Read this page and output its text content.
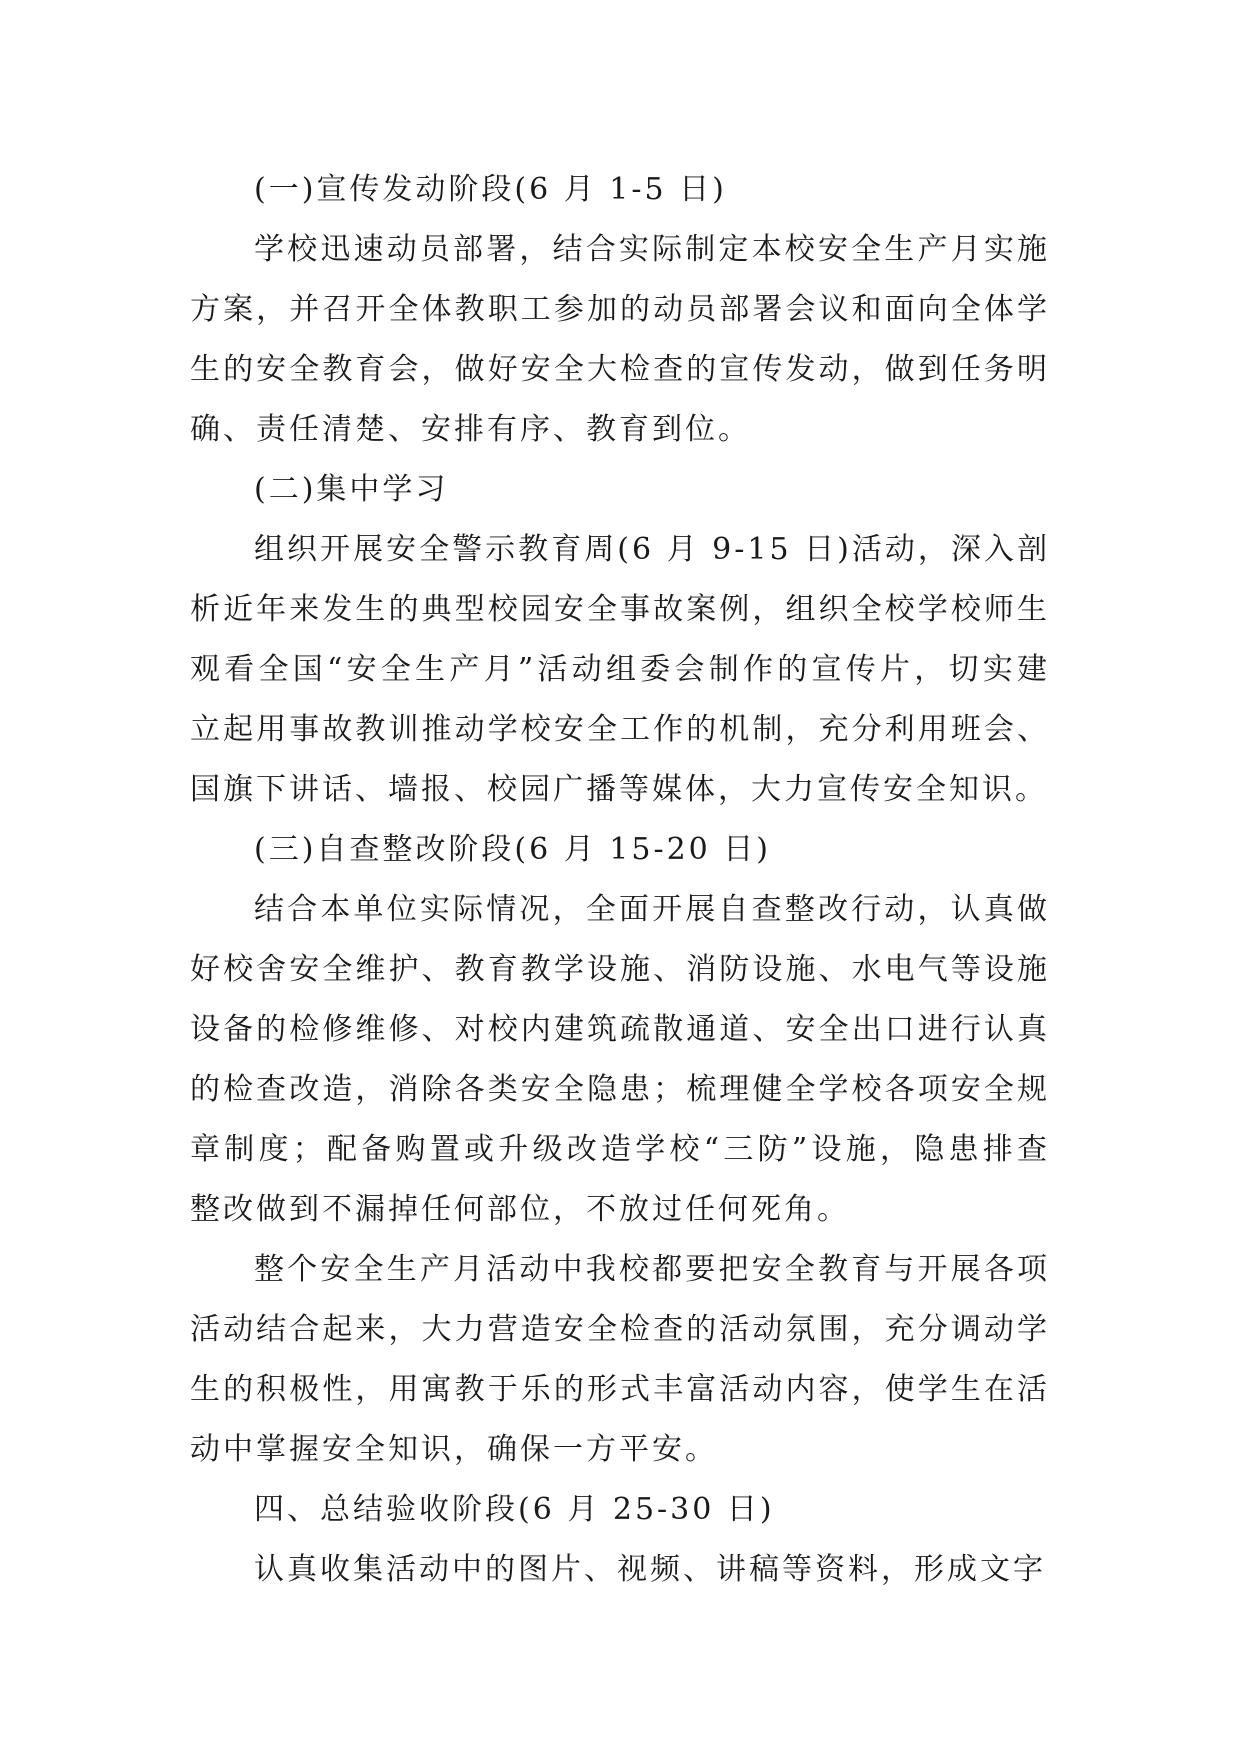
(一)宣传发动阶段(6 月 1-5 日)

学校迅速动员部署，结合实际制定本校安全生产月实施方案，并召开全体教职工参加的动员部署会议和面向全体学生的安全教育会，做好安全大检查的宣传发动，做到任务明确、责任清楚、安排有序、教育到位。

(二)集中学习

组织开展安全警示教育周(6 月 9-15 日)活动，深入剖析近年来发生的典型校园安全事故案例，组织全校学校师生观看全国“安全生产月”活动组委会制作的宣传片，切实建立起用事故教训推动学校安全工作的机制，充分利用班会、国旗下讲话、墙报、校园广播等媒体，大力宣传安全知识。

(三)自查整改阶段(6 月 15-20 日)

结合本单位实际情况，全面开展自查整改行动，认真做好校舍安全维护、教育教学设施、消防设施、水电气等设施设备的检修维修、对校内建筑疏散通道、安全出口进行认真的检查改造，消除各类安全隐患；梳理健全学校各项安全规章制度；配备购置或升级改造学校“三防”设施，隐患排查整改做到不漏掉任何部位，不放过任何死角。

整个安全生产月活动中我校都要把安全教育与开展各项活动结合起来，大力营造安全检查的活动氛围，充分调动学生的积极性，用寓教于乐的形式丰富活动内容，使学生在活动中掌握安全知识，确保一方平安。

四、总结验收阶段(6 月 25-30 日)

认真收集活动中的图片、视频、讲稿等资料，形成文字
